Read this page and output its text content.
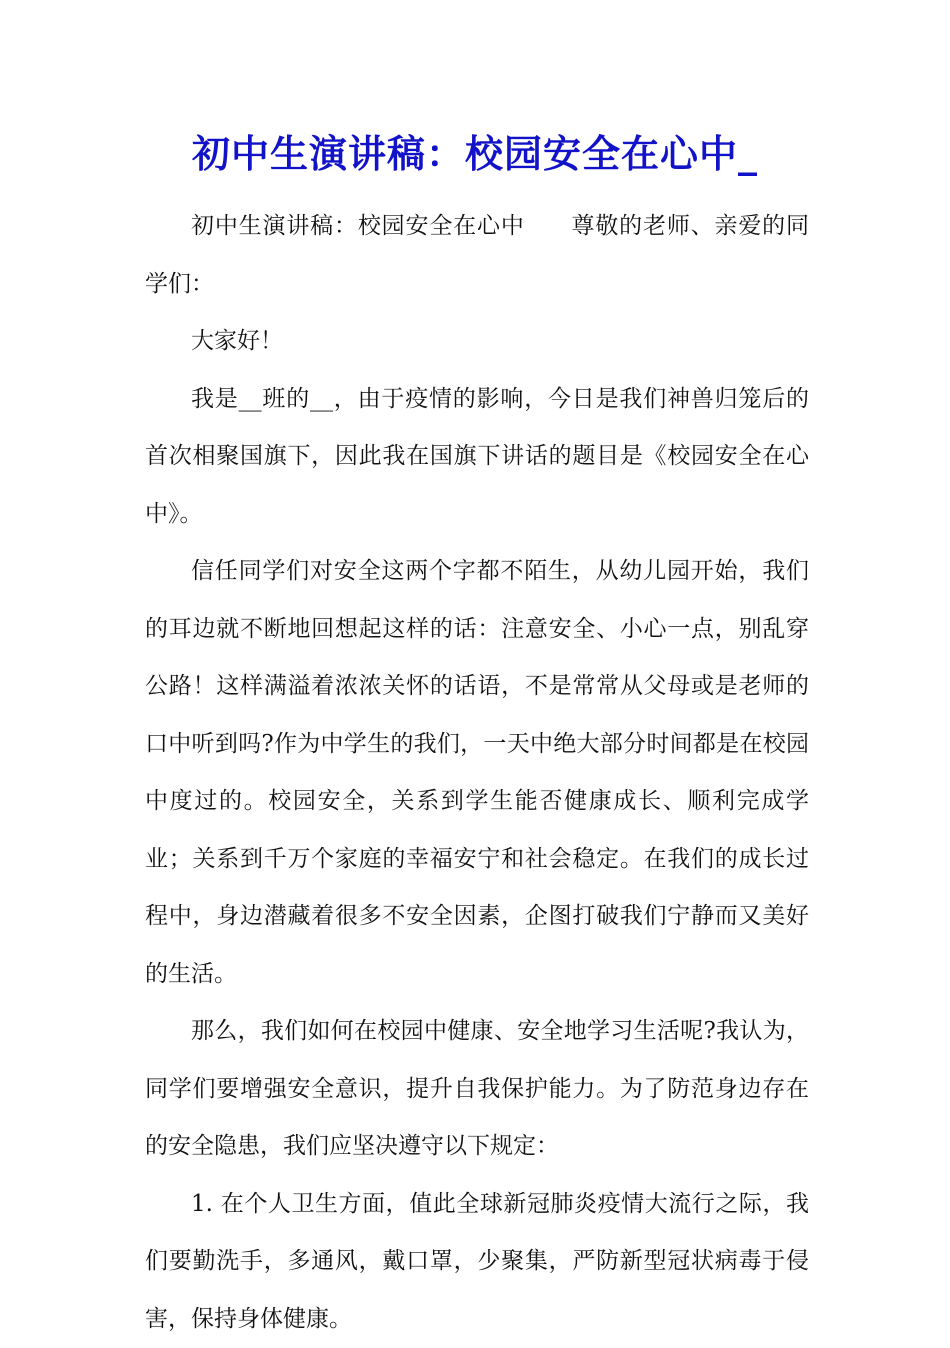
初中生演讲稿：校园安全在心中_

初中生演讲稿：校园安全在心中 尊敬的老师、亲爱的同学们：

大家好！

我是__班的__，由于疫情的影响，今日是我们神兽归笼后的首次相聚国旗下，因此我在国旗下讲话的题目是《校园安全在心中》。

信任同学们对安全这两个字都不陌生，从幼儿园开始，我们的耳边就不断地回想起这样的话：注意安全、小心一点，别乱穿公路！这样满溢着浓浓关怀的话语，不是常常从父母或是老师的口中听到吗?作为中学生的我们，一天中绝大部分时间都是在校园中度过的。校园安全，关系到学生能否健康成长、顺利完成学业；关系到千万个家庭的幸福安宁和社会稳定。在我们的成长过程中，身边潜藏着很多不安全因素，企图打破我们宁静而又美好的生活。

那么，我们如何在校园中健康、安全地学习生活呢?我认为，同学们要增强安全意识，提升自我保护能力。为了防范身边存在的安全隐患，我们应坚决遵守以下规定：

1. 在个人卫生方面，值此全球新冠肺炎疫情大流行之际，我们要勤洗手，多通风，戴口罩，少聚集，严防新型冠状病毒于侵害，保持身体健康。
